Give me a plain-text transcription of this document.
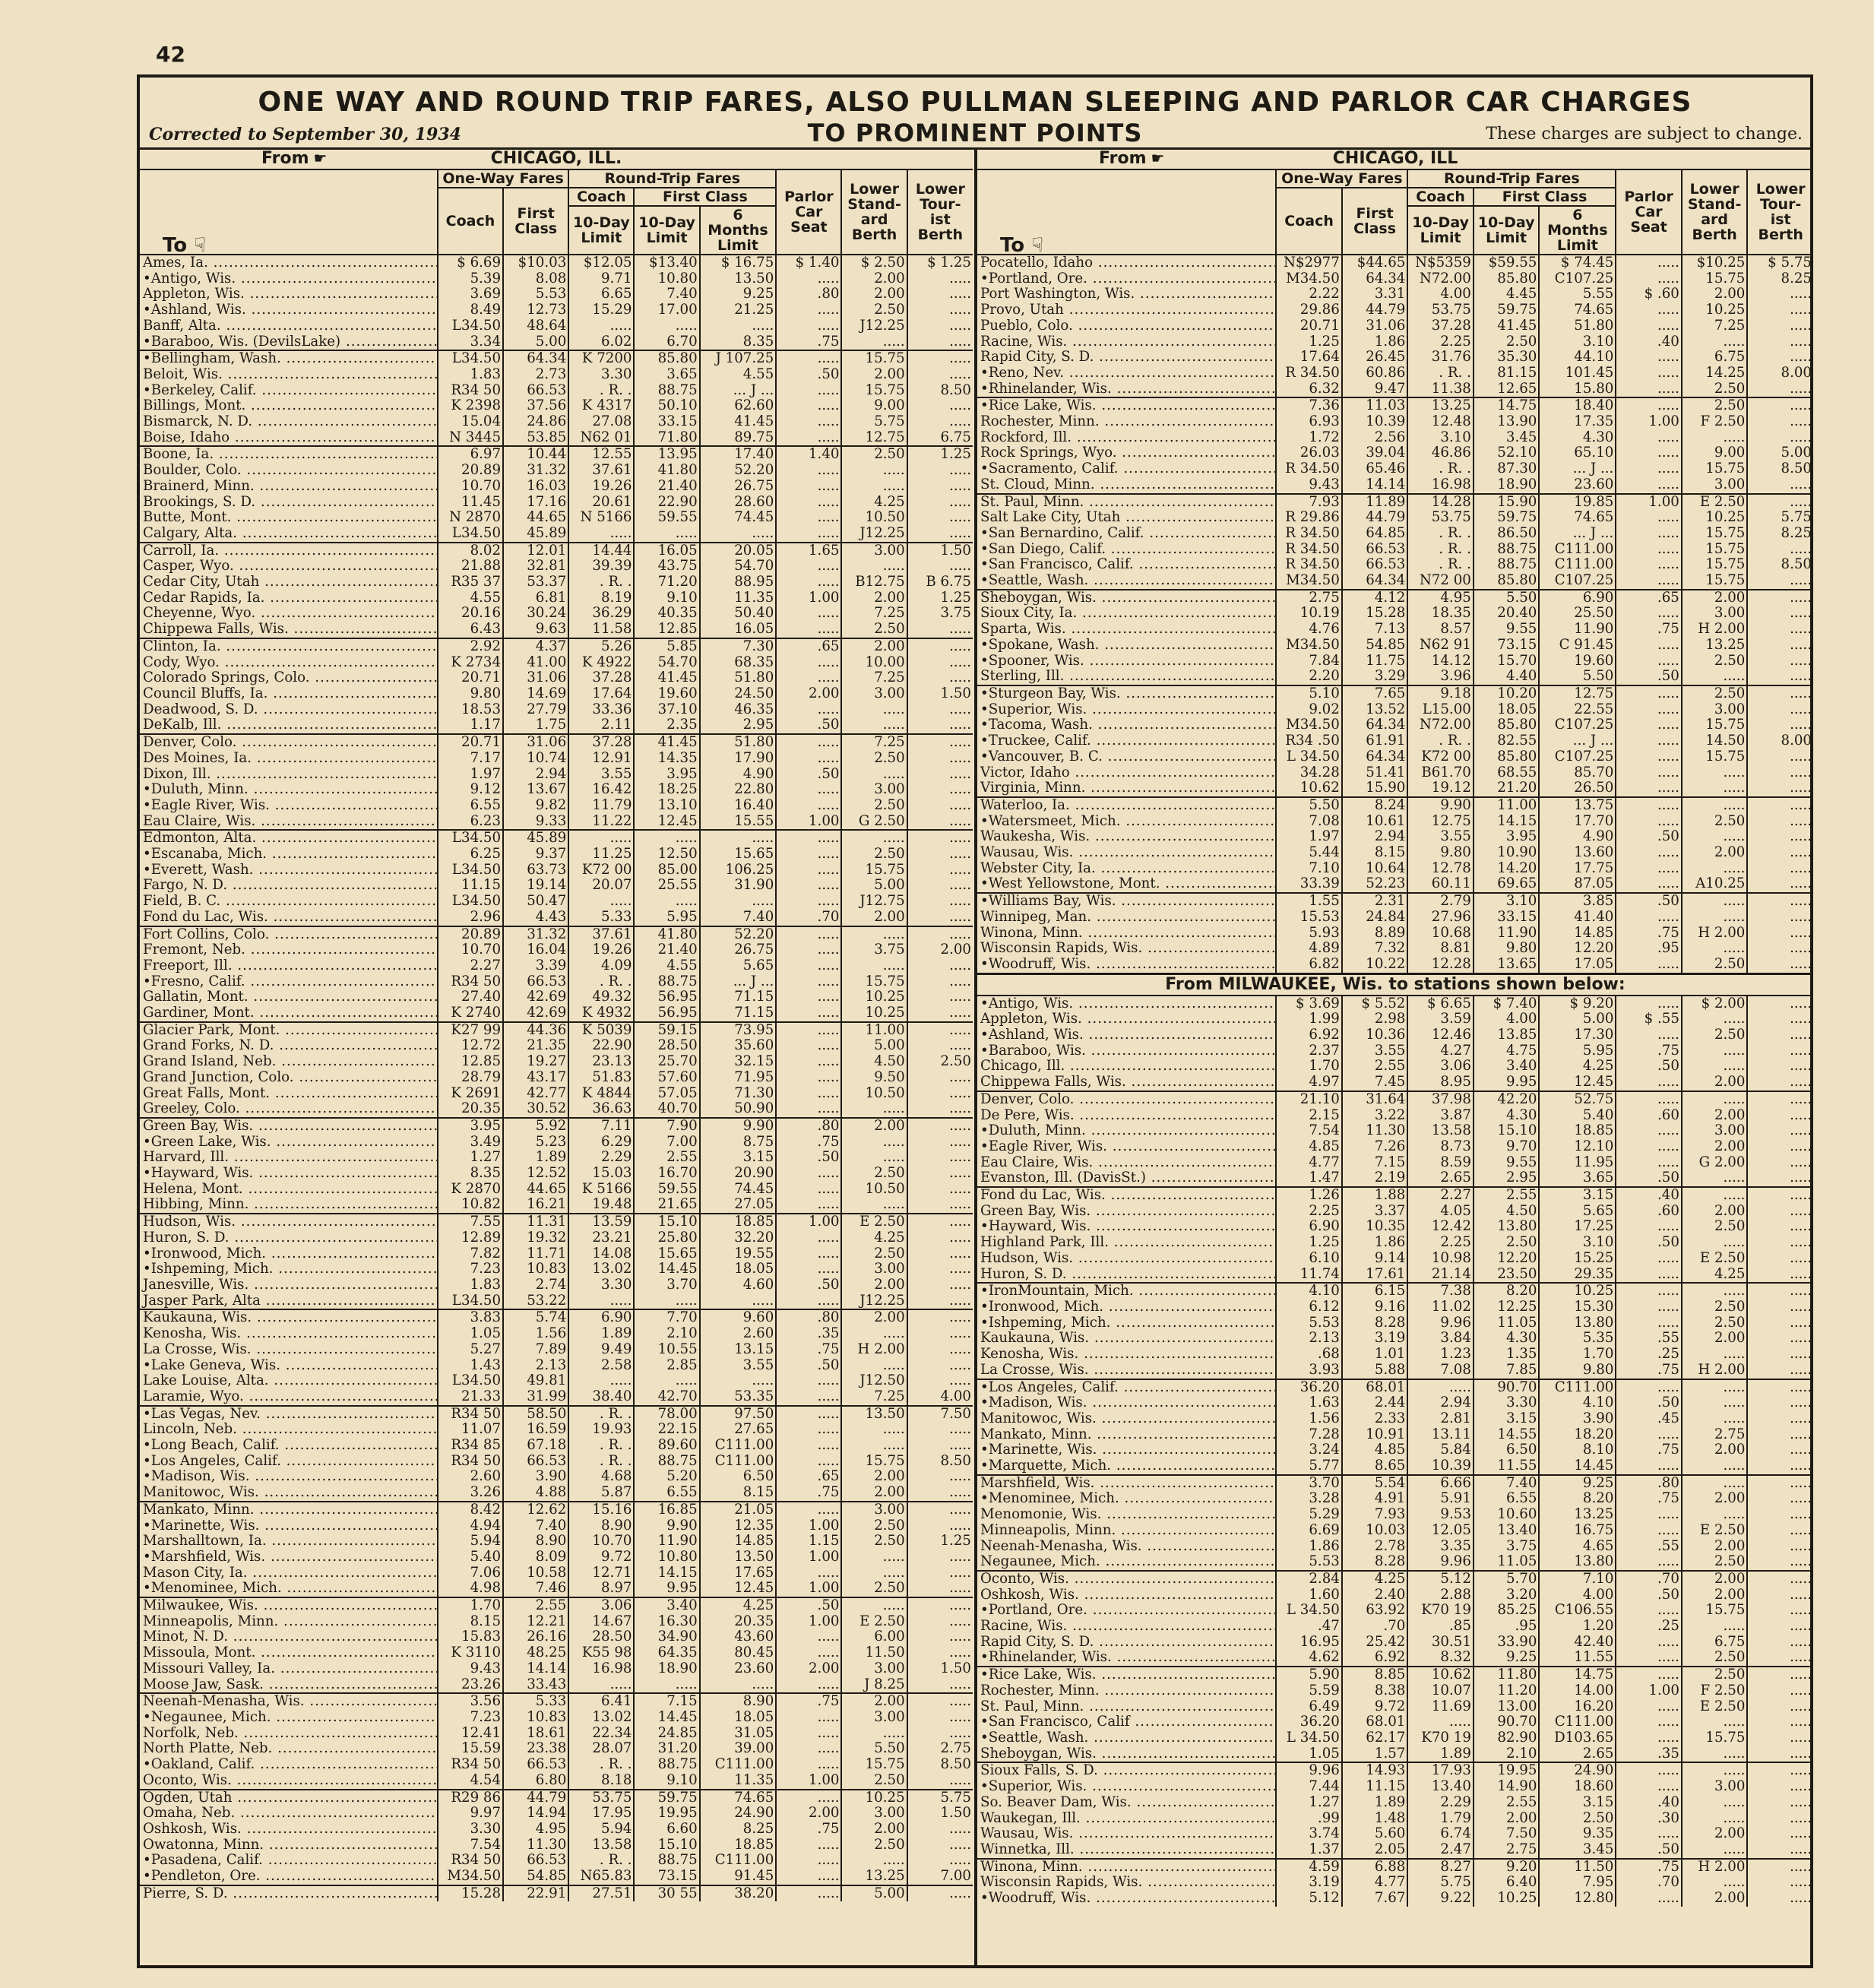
42
ONE WAY AND ROUND TRIP FARES, ALSO PULLMAN SLEEPING AND PARLOR CAR CHARGES
Corrected to September 30, 1934	TO PROMINENT POINTS	These charges are subject to change.
From ☛	CHICAGO, ILL.
To ☟	One-Way Fares		Round-Trip Fares			Parlor Car Seat	Lower Stand- ard Berth	Lower Tour- ist Berth
	Coach	First Class	Coach	First Class				
			10-Day Limit	10-Day Limit	6 Months Limit			
Ames, Ia. .....	$ 6.69	$10.03	$12.05	$13.40	$ 16.75	$ 1.40	$ 2.50	$ 1.25
•Antigo, Wis. .....	5.39	8.08	9.71	10.80	13.50	.....	2.00	.....
Appleton, Wis. .....	3.69	5.53	6.65	7.40	9.25	.80	2.00	.....
•Ashland, Wis. .....	8.49	12.73	15.29	17.00	21.25	.....	2.50	.....
Banff, Alta. .....	L34.50	48.64	.....	.....	.....	.....	J12.25	.....
•Baraboo, Wis. (DevilsLake) .....	3.34	5.00	6.02	6.70	8.35	.75	.....	.....
•Bellingham, Wash. .....	L34.50	64.34	K 7200	85.80	J 107.25	.....	15.75	.....
Beloit, Wis. .....	1.83	2.73	3.30	3.65	4.55	.50	2.00	.....
•Berkeley, Calif. .....	R34 50	66.53	. R. .	88.75	... J ...	.....	15.75	8.50
Billings, Mont. .....	K 2398	37.56	K 4317	50.10	62.60	.....	9.00	.....
Bismarck, N. D. .....	15.04	24.86	27.08	33.15	41.45	.....	5.75	.....
Boise, Idaho .....	N 3445	53.85	N62 01	71.80	89.75	.....	12.75	6.75
Boone, Ia. .....	6.97	10.44	12.55	13.95	17.40	1.40	2.50	1.25
Boulder, Colo. .....	20.89	31.32	37.61	41.80	52.20	.....	.....	.....
Brainerd, Minn. .....	10.70	16.03	19.26	21.40	26.75	.....	.....	.....
Brookings, S. D. .....	11.45	17.16	20.61	22.90	28.60	.....	4.25	.....
Butte, Mont. .....	N 2870	44.65	N 5166	59.55	74.45	.....	10.50	.....
Calgary, Alta. .....	L34.50	45.89	.....	.....	.....	.....	J12.25	.....
Carroll, Ia. .....	8.02	12.01	14.44	16.05	20.05	1.65	3.00	1.50
Casper, Wyo. .....	21.88	32.81	39.39	43.75	54.70	.....	.....	.....
Cedar City, Utah .....	R35 37	53.37	. R. .	71.20	88.95	.....	B12.75	B 6.75
Cedar Rapids, Ia. .....	4.55	6.81	8.19	9.10	11.35	1.00	2.00	1.25
Cheyenne, Wyo. .....	20.16	30.24	36.29	40.35	50.40	.....	7.25	3.75
Chippewa Falls, Wis. .....	6.43	9.63	11.58	12.85	16.05	.....	2.50	.....
Clinton, Ia. .....	2.92	4.37	5.26	5.85	7.30	.65	2.00	.....
Cody, Wyo. .....	K 2734	41.00	K 4922	54.70	68.35	.....	10.00	.....
Colorado Springs, Colo. .....	20.71	31.06	37.28	41.45	51.80	.....	7.25	.....
Council Bluffs, Ia. .....	9.80	14.69	17.64	19.60	24.50	2.00	3.00	1.50
Deadwood, S. D. .....	18.53	27.79	33.36	37.10	46.35	.....	.....	.....
DeKalb, Ill. .....	1.17	1.75	2.11	2.35	2.95	.50	.....	.....
Denver, Colo. .....	20.71	31.06	37.28	41.45	51.80	.....	7.25	.....
Des Moines, Ia. .....	7.17	10.74	12.91	14.35	17.90	.....	2.50	.....
Dixon, Ill. .....	1.97	2.94	3.55	3.95	4.90	.50	.....	.....
•Duluth, Minn. .....	9.12	13.67	16.42	18.25	22.80	.....	3.00	.....
•Eagle River, Wis. .....	6.55	9.82	11.79	13.10	16.40	.....	2.50	.....
Eau Claire, Wis. .....	6.23	9.33	11.22	12.45	15.55	1.00	G 2.50	.....
Edmonton, Alta. .....	L34.50	45.89	.....	.....	.....	.....	.....	.....
•Escanaba, Mich. .....	6.25	9.37	11.25	12.50	15.65	.....	2.50	.....
•Everett, Wash. .....	L34.50	63.73	K72 00	85.00	106.25	.....	15.75	.....
Fargo, N. D. .....	11.15	19.14	20.07	25.55	31.90	.....	5.00	.....
Field, B. C. .....	L34.50	50.47	.....	.....	.....	.....	J12.75	.....
Fond du Lac, Wis. .....	2.96	4.43	5.33	5.95	7.40	.70	2.00	.....
Fort Collins, Colo. .....	20.89	31.32	37.61	41.80	52.20	.....	.....	.....
Fremont, Neb. .....	10.70	16.04	19.26	21.40	26.75	.....	3.75	2.00
Freeport, Ill. .....	2.27	3.39	4.09	4.55	5.65	.....	.....	.....
•Fresno, Calif. .....	R34 50	66.53	. R. .	88.75	... J ...	.....	15.75	.....
Gallatin, Mont. .....	27.40	42.69	49.32	56.95	71.15	.....	10.25	.....
Gardiner, Mont. .....	K 2740	42.69	K 4932	56.95	71.15	.....	10.25	.....
Glacier Park, Mont. .....	K27 99	44.36	K 5039	59.15	73.95	.....	11.00	.....
Grand Forks, N. D. .....	12.72	21.35	22.90	28.50	35.60	.....	5.00	.....
Grand Island, Neb. .....	12.85	19.27	23.13	25.70	32.15	.....	4.50	2.50
Grand Junction, Colo. .....	28.79	43.17	51.83	57.60	71.95	.....	9.50	.....
Great Falls, Mont. .....	K 2691	42.77	K 4844	57.05	71.30	.....	10.50	.....
Greeley, Colo. .....	20.35	30.52	36.63	40.70	50.90	.....	.....	.....
Green Bay, Wis. .....	3.95	5.92	7.11	7.90	9.90	.80	2.00	.....
•Green Lake, Wis. .....	3.49	5.23	6.29	7.00	8.75	.75	.....	.....
Harvard, Ill. .....	1.27	1.89	2.29	2.55	3.15	.50	.....	.....
•Hayward, Wis. .....	8.35	12.52	15.03	16.70	20.90	.....	2.50	.....
Helena, Mont. .....	K 2870	44.65	K 5166	59.55	74.45	.....	10.50	.....
Hibbing, Minn. .....	10.82	16.21	19.48	21.65	27.05	.....	.....	.....
Hudson, Wis. .....	7.55	11.31	13.59	15.10	18.85	1.00	E 2.50	.....
Huron, S. D. .....	12.89	19.32	23.21	25.80	32.20	.....	4.25	.....
•Ironwood, Mich. .....	7.82	11.71	14.08	15.65	19.55	.....	2.50	.....
•Ishpeming, Mich. .....	7.23	10.83	13.02	14.45	18.05	.....	3.00	.....
Janesville, Wis. .....	1.83	2.74	3.30	3.70	4.60	.50	2.00	.....
Jasper Park, Alta .....	L34.50	53.22	.....	.....	.....	.....	J12.25	.....
Kaukauna, Wis. .....	3.83	5.74	6.90	7.70	9.60	.80	2.00	.....
Kenosha, Wis. .....	1.05	1.56	1.89	2.10	2.60	.35	.....	.....
La Crosse, Wis. .....	5.27	7.89	9.49	10.55	13.15	.75	H 2.00	.....
•Lake Geneva, Wis. .....	1.43	2.13	2.58	2.85	3.55	.50	.....	.....
Lake Louise, Alta. .....	L34.50	49.81	.....	.....	.....	.....	J12.50	.....
Laramie, Wyo. .....	21.33	31.99	38.40	42.70	53.35	.....	7.25	4.00
•Las Vegas, Nev. .....	R34 50	58.50	. R. .	78.00	97.50	.....	13.50	7.50
Lincoln, Neb. .....	11.07	16.59	19.93	22.15	27.65	.....	.....	.....
•Long Beach, Calif. .....	R34 85	67.18	. R. .	89.60	C111.00	.....	.....	.....
•Los Angeles, Calif. .....	R34 50	66.53	. R. .	88.75	C111.00	.....	15.75	8.50
•Madison, Wis. .....	2.60	3.90	4.68	5.20	6.50	.65	2.00	.....
Manitowoc, Wis. .....	3.26	4.88	5.87	6.55	8.15	.75	2.00	.....
Mankato, Minn. .....	8.42	12.62	15.16	16.85	21.05	.....	3.00	.....
•Marinette, Wis. .....	4.94	7.40	8.90	9.90	12.35	1.00	2.50	.....
Marshalltown, Ia. .....	5.94	8.90	10.70	11.90	14.85	1.15	2.50	1.25
•Marshfield, Wis. .....	5.40	8.09	9.72	10.80	13.50	1.00	.....	.....
Mason City, Ia. .....	7.06	10.58	12.71	14.15	17.65	.....	.....	.....
•Menominee, Mich. .....	4.98	7.46	8.97	9.95	12.45	1.00	2.50	.....
Milwaukee, Wis. .....	1.70	2.55	3.06	3.40	4.25	.50	.....	.....
Minneapolis, Minn. .....	8.15	12.21	14.67	16.30	20.35	1.00	E 2.50	.....
Minot, N. D. .....	15.83	26.16	28.50	34.90	43.60	.....	6.00	.....
Missoula, Mont. .....	K 3110	48.25	K55 98	64.35	80.45	.....	11.50	.....
Missouri Valley, Ia. .....	9.43	14.14	16.98	18.90	23.60	2.00	3.00	1.50
Moose Jaw, Sask. .....	23.26	33.43	.....	.....	.....	.....	J 8.25	.....
Neenah-Menasha, Wis. .....	3.56	5.33	6.41	7.15	8.90	.75	2.00	.....
•Negaunee, Mich. .....	7.23	10.83	13.02	14.45	18.05	.....	3.00	.....
Norfolk, Neb. .....	12.41	18.61	22.34	24.85	31.05	.....	.....	.....
North Platte, Neb. .....	15.59	23.38	28.07	31.20	39.00	.....	5.50	2.75
•Oakland, Calif. .....	R34 50	66.53	. R. .	88.75	C111.00	.....	15.75	8.50
Oconto, Wis. .....	4.54	6.80	8.18	9.10	11.35	1.00	2.50	.....
Ogden, Utah .....	R29 86	44.79	53.75	59.75	74.65	.....	10.25	5.75
Omaha, Neb. .....	9.97	14.94	17.95	19.95	24.90	2.00	3.00	1.50
Oshkosh, Wis. .....	3.30	4.95	5.94	6.60	8.25	.75	2.00	.....
Owatonna, Minn. .....	7.54	11.30	13.58	15.10	18.85	.....	2.50	.....
•Pasadena, Calif. .....	R34 50	66.53	. R. .	88.75	C111.00	.....	.....	.....
•Pendleton, Ore. .....	M34.50	54.85	N65.83	73.15	91.45	.....	13.25	7.00
Pierre, S. D. .....	15.28	22.91	27.51	30 55	38.20	.....	5.00	.....
From ☛	CHICAGO, ILL
To ☟	One-Way Fares		Round-Trip Fares			Parlor Car Seat	Lower Stand- ard Berth	Lower Tour- ist Berth
	Coach	First Class	Coach	First Class				
			10-Day Limit	10-Day Limit	6 Months Limit			
Pocatello, Idaho .....	N$2977	$44.65	N$5359	$59.55	$ 74.45	.....	$10.25	$ 5.75
•Portland, Ore. .....	M34.50	64.34	N72.00	85.80	C107.25	.....	15.75	8.25
Port Washington, Wis. .....	2.22	3.31	4.00	4.45	5.55	$ .60	2.00	.....
Provo, Utah .....	29.86	44.79	53.75	59.75	74.65	.....	10.25	.....
Pueblo, Colo. .....	20.71	31.06	37.28	41.45	51.80	.....	7.25	.....
Racine, Wis. .....	1.25	1.86	2.25	2.50	3.10	.40	.....	.....
Rapid City, S. D. .....	17.64	26.45	31.76	35.30	44.10	.....	6.75	.....
•Reno, Nev. .....	R 34.50	60.86	. R. .	81.15	101.45	.....	14.25	8.00
•Rhinelander, Wis. .....	6.32	9.47	11.38	12.65	15.80	.....	2.50	.....
•Rice Lake, Wis. .....	7.36	11.03	13.25	14.75	18.40	.....	2.50	.....
Rochester, Minn. .....	6.93	10.39	12.48	13.90	17.35	1.00	F 2.50	.....
Rockford, Ill. .....	1.72	2.56	3.10	3.45	4.30	.....	.....	.....
Rock Springs, Wyo. .....	26.03	39.04	46.86	52.10	65.10	.....	9.00	5.00
•Sacramento, Calif. .....	R 34.50	65.46	. R. .	87.30	... J ...	.....	15.75	8.50
St. Cloud, Minn. .....	9.43	14.14	16.98	18.90	23.60	.....	3.00	.....
St. Paul, Minn. .....	7.93	11.89	14.28	15.90	19.85	1.00	E 2.50	.....
Salt Lake City, Utah .....	R 29.86	44.79	53.75	59.75	74.65	.....	10.25	5.75
•San Bernardino, Calif. .....	R 34.50	64.85	. R. .	86.50	... J ...	.....	15.75	8.25
•San Diego, Calif. .....	R 34.50	66.53	. R. .	88.75	C111.00	.....	15.75	.....
•San Francisco, Calif. .....	R 34.50	66.53	. R. .	88.75	C111.00	.....	15.75	8.50
•Seattle, Wash. .....	M34.50	64.34	N72 00	85.80	C107.25	.....	15.75	.....
Sheboygan, Wis. .....	2.75	4.12	4.95	5.50	6.90	.65	2.00	.....
Sioux City, Ia. .....	10.19	15.28	18.35	20.40	25.50	.....	3.00	.....
Sparta, Wis. .....	4.76	7.13	8.57	9.55	11.90	.75	H 2.00	.....
•Spokane, Wash. .....	M34.50	54.85	N62 91	73.15	C 91.45	.....	13.25	.....
•Spooner, Wis. .....	7.84	11.75	14.12	15.70	19.60	.....	2.50	.....
Sterling, Ill. .....	2.20	3.29	3.96	4.40	5.50	.50	.....	.....
•Sturgeon Bay, Wis. .....	5.10	7.65	9.18	10.20	12.75	.....	2.50	.....
•Superior, Wis. .....	9.02	13.52	L15.00	18.05	22.55	.....	3.00	.....
•Tacoma, Wash. .....	M34.50	64.34	N72.00	85.80	C107.25	.....	15.75	.....
•Truckee, Calif. .....	R34 .50	61.91	. R. .	82.55	... J ...	.....	14.50	8.00
•Vancouver, B. C. .....	L 34.50	64.34	K72 00	85.80	C107.25	.....	15.75	.....
Victor, Idaho .....	34.28	51.41	B61.70	68.55	85.70	.....	.....	.....
Virginia, Minn. .....	10.62	15.90	19.12	21.20	26.50	.....	.....	.....
Waterloo, Ia. .....	5.50	8.24	9.90	11.00	13.75	.....	.....	.....
•Watersmeet, Mich. .....	7.08	10.61	12.75	14.15	17.70	.....	2.50	.....
Waukesha, Wis. .....	1.97	2.94	3.55	3.95	4.90	.50	.....	.....
Wausau, Wis. .....	5.44	8.15	9.80	10.90	13.60	.....	2.00	.....
Webster City, Ia. .....	7.10	10.64	12.78	14.20	17.75	.....	.....	.....
•West Yellowstone, Mont. .....	33.39	52.23	60.11	69.65	87.05	.....	A10.25	.....
•Williams Bay, Wis. .....	1.55	2.31	2.79	3.10	3.85	.50	.....	.....
Winnipeg, Man. .....	15.53	24.84	27.96	33.15	41.40	.....	.....	.....
Winona, Minn. .....	5.93	8.89	10.68	11.90	14.85	.75	H 2.00	.....
Wisconsin Rapids, Wis. .....	4.89	7.32	8.81	9.80	12.20	.95	.....	.....
•Woodruff, Wis. .....	6.82	10.22	12.28	13.65	17.05	.....	2.50	.....
From MILWAUKEE, Wis. to stations shown below:
•Antigo, Wis. .....	$ 3.69	$ 5.52	$ 6.65	$ 7.40	$ 9.20	.....	$ 2.00	.....
Appleton, Wis. .....	1.99	2.98	3.59	4.00	5.00	$ .55	.....	.....
•Ashland, Wis. .....	6.92	10.36	12.46	13.85	17.30	.....	2.50	.....
•Baraboo, Wis. .....	2.37	3.55	4.27	4.75	5.95	.75	.....	.....
Chicago, Ill. .....	1.70	2.55	3.06	3.40	4.25	.50	.....	.....
Chippewa Falls, Wis. .....	4.97	7.45	8.95	9.95	12.45	.....	2.00	.....
Denver, Colo. .....	21.10	31.64	37.98	42.20	52.75	.....	.....	.....
De Pere, Wis. .....	2.15	3.22	3.87	4.30	5.40	.60	2.00	.....
•Duluth, Minn. .....	7.54	11.30	13.58	15.10	18.85	.....	3.00	.....
•Eagle River, Wis. .....	4.85	7.26	8.73	9.70	12.10	.....	2.00	.....
Eau Claire, Wis. .....	4.77	7.15	8.59	9.55	11.95	.....	G 2.00	.....
Evanston, Ill. (DavisSt.) .....	1.47	2.19	2.65	2.95	3.65	.50	.....	.....
Fond du Lac, Wis. .....	1.26	1.88	2.27	2.55	3.15	.40	.....	.....
Green Bay, Wis. .....	2.25	3.37	4.05	4.50	5.65	.60	2.00	.....
•Hayward, Wis. .....	6.90	10.35	12.42	13.80	17.25	.....	2.50	.....
Highland Park, Ill. .....	1.25	1.86	2.25	2.50	3.10	.50	.....	.....
Hudson, Wis. .....	6.10	9.14	10.98	12.20	15.25	.....	E 2.50	.....
Huron, S. D. .....	11.74	17.61	21.14	23.50	29.35	.....	4.25	.....
•IronMountain, Mich. .....	4.10	6.15	7.38	8.20	10.25	.....	.....	.....
•Ironwood, Mich. .....	6.12	9.16	11.02	12.25	15.30	.....	2.50	.....
•Ishpeming, Mich. .....	5.53	8.28	9.96	11.05	13.80	.....	2.50	.....
Kaukauna, Wis. .....	2.13	3.19	3.84	4.30	5.35	.55	2.00	.....
Kenosha, Wis. .....	.68	1.01	1.23	1.35	1.70	.25	.....	.....
La Crosse, Wis. .....	3.93	5.88	7.08	7.85	9.80	.75	H 2.00	.....
•Los Angeles, Calif. .....	36.20	68.01	.....	90.70	C111.00	.....	.....	.....
•Madison, Wis. .....	1.63	2.44	2.94	3.30	4.10	.50	.....	.....
Manitowoc, Wis. .....	1.56	2.33	2.81	3.15	3.90	.45	.....	.....
Mankato, Minn. .....	7.28	10.91	13.11	14.55	18.20	.....	2.75	.....
•Marinette, Wis. .....	3.24	4.85	5.84	6.50	8.10	.75	2.00	.....
•Marquette, Mich. .....	5.77	8.65	10.39	11.55	14.45	.....	.....	.....
Marshfield, Wis. .....	3.70	5.54	6.66	7.40	9.25	.80	.....	.....
•Menominee, Mich. .....	3.28	4.91	5.91	6.55	8.20	.75	2.00	.....
Menomonie, Wis. .....	5.29	7.93	9.53	10.60	13.25	.....	.....	.....
Minneapolis, Minn. .....	6.69	10.03	12.05	13.40	16.75	.....	E 2.50	.....
Neenah-Menasha, Wis. .....	1.86	2.78	3.35	3.75	4.65	.55	2.00	.....
Negaunee, Mich. .....	5.53	8.28	9.96	11.05	13.80	.....	2.50	.....
Oconto, Wis. .....	2.84	4.25	5.12	5.70	7.10	.70	2.00	.....
Oshkosh, Wis. .....	1.60	2.40	2.88	3.20	4.00	.50	2.00	.....
•Portland, Ore. .....	L 34.50	63.92	K70 19	85.25	C106.55	.....	15.75	.....
Racine, Wis. .....	.47	.70	.85	.95	1.20	.25	.....	.....
Rapid City, S. D. .....	16.95	25.42	30.51	33.90	42.40	.....	6.75	.....
•Rhinelander, Wis. .....	4.62	6.92	8.32	9.25	11.55	.....	2.50	.....
•Rice Lake, Wis. .....	5.90	8.85	10.62	11.80	14.75	.....	2.50	.....
Rochester, Minn. .....	5.59	8.38	10.07	11.20	14.00	1.00	F 2.50	.....
St. Paul, Minn. .....	6.49	9.72	11.69	13.00	16.20	.....	E 2.50	.....
•San Francisco, Calif .....	36.20	68.01	.....	90.70	C111.00	.....	.....	.....
•Seattle, Wash. .....	L 34.50	62.17	K70 19	82.90	D103.65	.....	15.75	.....
Sheboygan, Wis. .....	1.05	1.57	1.89	2.10	2.65	.35	.....	.....
Sioux Falls, S. D. .....	9.96	14.93	17.93	19.95	24.90	.....	.....	.....
•Superior, Wis. .....	7.44	11.15	13.40	14.90	18.60	.....	3.00	.....
So. Beaver Dam, Wis. .....	1.27	1.89	2.29	2.55	3.15	.40	.....	.....
Waukegan, Ill. .....	.99	1.48	1.79	2.00	2.50	.30	.....	.....
Wausau, Wis. .....	3.74	5.60	6.74	7.50	9.35	.....	2.00	.....
Winnetka, Ill. .....	1.37	2.05	2.47	2.75	3.45	.50	.....	.....
Winona, Minn. .....	4.59	6.88	8.27	9.20	11.50	.75	H 2.00	.....
Wisconsin Rapids, Wis. .....	3.19	4.77	5.75	6.40	7.95	.70	.....	.....
•Woodruff, Wis. .....	5.12	7.67	9.22	10.25	12.80	.....	2.00	.....
